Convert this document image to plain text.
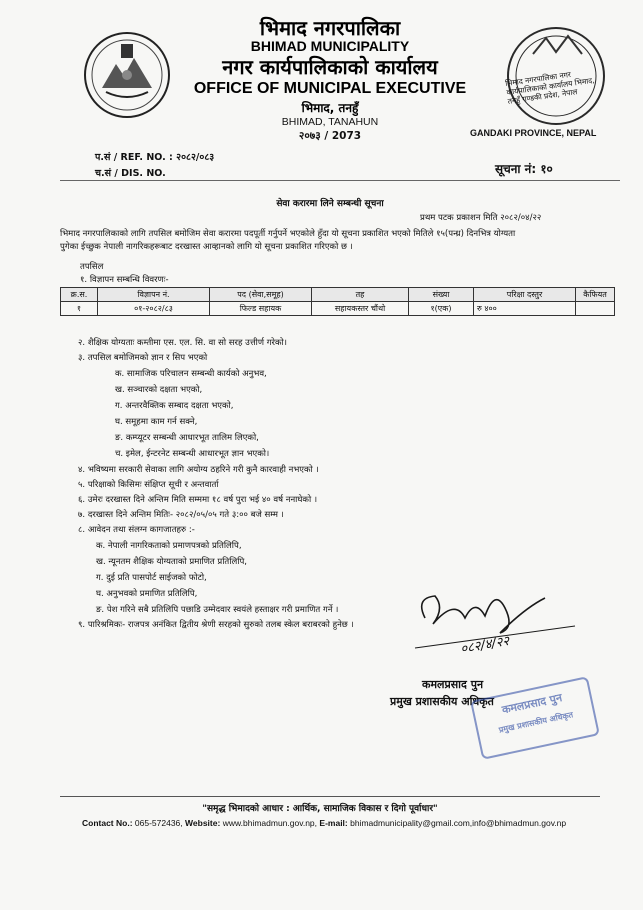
भिमाद नगरपालिका
BHIMAD MUNICIPALITY
नगर कार्यपालिकाको कार्यालय
OFFICE OF MUNICIPAL EXECUTIVE
भिमाद, तनहुँ
BHIMAD, TANAHUN
२०७३ / 2073
भिमाद नगरपालिका नगर कार्यपालिकाको कार्यालय भिमाद, तनहुँ गण्डकी प्रदेश, नेपाल
GANDAKI PROVINCE, NEPAL
प.सं / REF. NO. : २०८२/०८३
च.सं / DIS. NO.	सूचना नं: १०
सेवा करारमा लिने सम्बन्धी सूचना
प्रथम पटक प्रकाशन मिति २०८२/०४/२२
भिमाद नगरपालिकाको लागि तपसिल बमोजिम सेवा करारमा पदपूर्ती गर्नुपर्ने भएकोले हुँदा यो सूचना प्रकाशित भएको मितिले १५(पन्ध्र) दिनभित्र योग्यता
पुगेका ईच्छुक नेपाली नागरिकहरूबाट दरखास्त आव्हानको लागि यो सूचना प्रकाशित गरिएको छ ।
तपसिल
१. विज्ञापन सम्बन्धि विवरणः-
क्र.स.	विज्ञापन नं.	पद (सेवा,समूह)	तह	संख्या	परिक्षा दस्तुर	कैफियत
१	०१-२०८२/८३	फिल्ड सहायक	सहायकस्तर चौंथो	१(एक)	रु ४००	
२. शैक्षिक योग्यताः कम्तीमा एस. एल. सि. वा सो सरह उत्तीर्ण गरेको।
३. तपसिल बमोजिमको ज्ञान र सिप भएको
क. सामाजिक परिचालन सम्बन्धी कार्यको अनुभव,
ख. सञ्चारको दक्षता भएको,
ग. अन्तरवैक्तिक सम्बाद दक्षता भएको,
घ. समूहमा काम गर्न सक्ने,
ङ. कम्प्यूटर सम्बन्धी आधारभूत तालिम लिएको,
च. इमेल, ईन्टरनेट सम्बन्धी आधारभूत ज्ञान भएको।
४. भविष्यमा सरकारी सेवाका लागि अयोग्य ठहरिने गरी कुनै कारवाही नभएको ।
५. परिक्षाको किसिमः संक्षिप्त सूची र अन्तवार्ता
६. उमेरः दरखास्त दिने अन्तिम मिति सम्ममा १८ वर्ष पुरा भई ४० वर्ष ननाघेको ।
७. दरखास्त दिने अन्तिम मितिः- २०८२/०५/०५ गते ३:०० बजे सम्म ।
८. आवेदन तथा संलग्न कागजातहरु :-
क. नेपाली नागरिकताको प्रमाणपत्रको प्रतिलिपि,
ख. न्यूनतम शैक्षिक योग्यताको प्रमाणित प्रतिलिपि,
ग. दुई प्रति पासपोर्ट साईजको फोटो,
घ. अनुभवको प्रमाणित प्रतिलिपि,
ङ. पेश गरिने सबै प्रतिलिपि पछाडि उम्मेदवार स्वयंले हस्ताक्षर गरी प्रमाणित गर्ने ।
९. पारिश्रमिकः- राजपत्र अनंकित द्वितीय श्रेणी सरहको सुरुको तलब स्केल बराबरको हुनेछ ।
०८२/४/२२
कमलप्रसाद पुन
प्रमुख प्रशासकीय अधिकृत कमलप्रसाद पुन
प्रमुख प्रशासकीय अधिकृत
"समृद्ध भिमादको आधार : आर्थिक, सामाजिक विकास र दिगो पूर्वाधार"
Contact No.: 065-572436, Website: www.bhimadmun.gov.np, E-mail: bhimadmunicipality@gmail.com,info@bhimadmun.gov.np
